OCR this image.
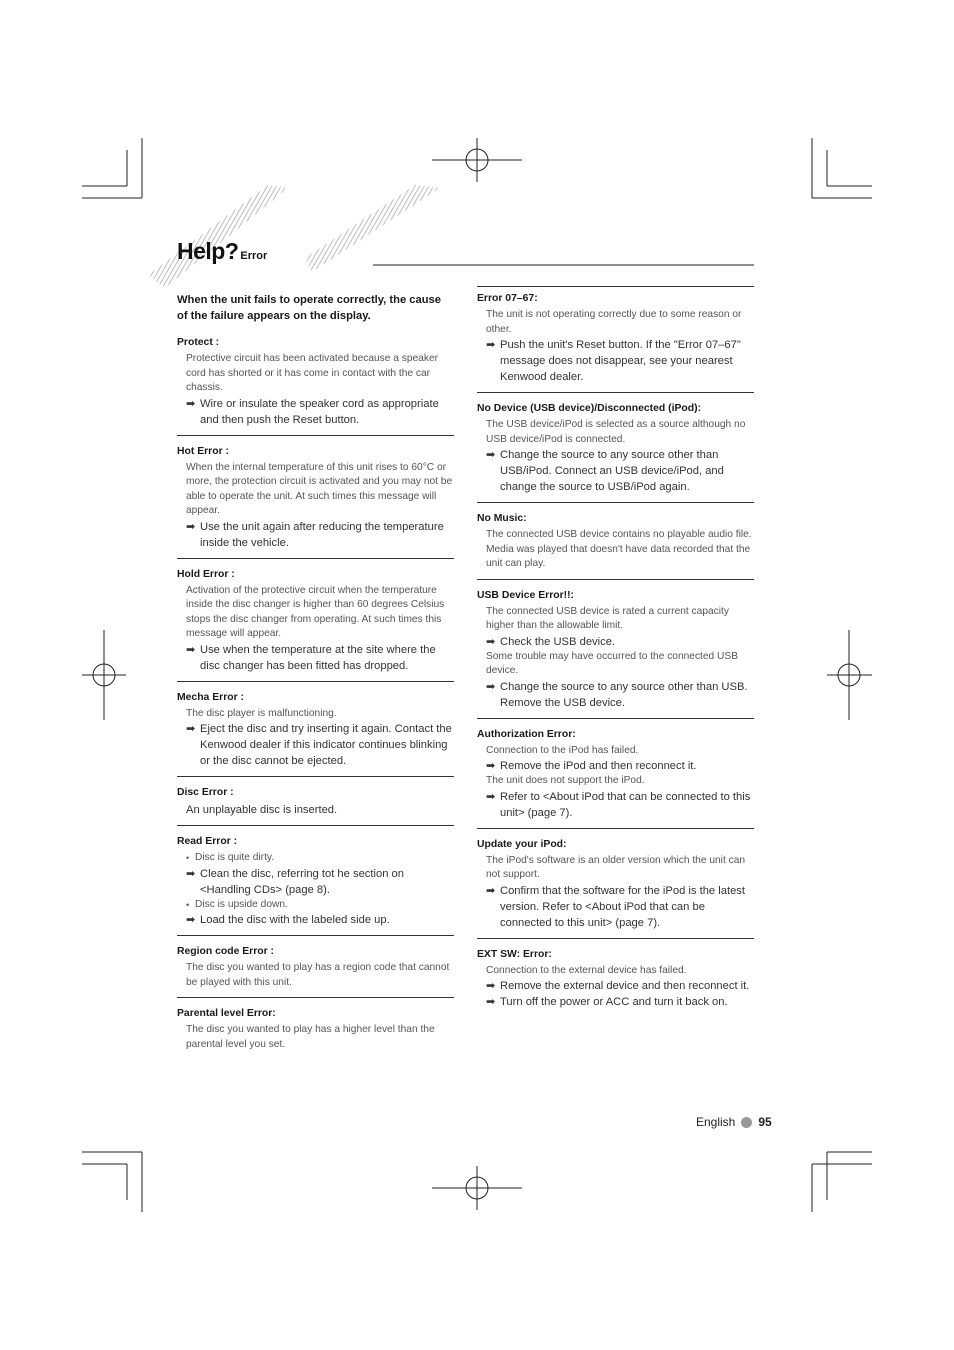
Help? Error
When the unit fails to operate correctly, the cause of the failure appears on the display.
Protect :
Protective circuit has been activated because a speaker cord has shorted or it has come in contact with the car chassis.
➡ Wire or insulate the speaker cord as appropriate and then push the Reset button.
Hot Error :
When the internal temperature of this unit rises to 60°C or more, the protection circuit is activated and you may not be able to operate the unit. At such times this message will appear.
➡ Use the unit again after reducing the temperature inside the vehicle.
Hold Error :
Activation of the protective circuit when the temperature inside the disc changer is higher than 60 degrees Celsius stops the disc changer from operating. At such times this message will appear.
➡ Use when the temperature at the site where the disc changer has been fitted has dropped.
Mecha Error :
The disc player is malfunctioning.
➡ Eject the disc and try inserting it again. Contact the Kenwood dealer if this indicator continues blinking or the disc cannot be ejected.
Disc Error :
An unplayable disc is inserted.
Read Error :
• Disc is quite dirty.
➡ Clean the disc, referring tot he section on <Handling CDs> (page 8).
• Disc is upside down.
➡ Load the disc with the labeled side up.
Region code Error :
The disc you wanted to play has a region code that cannot be played with this unit.
Parental level Error:
The disc you wanted to play has a higher level than the parental level you set.
Error 07–67:
The unit is not operating correctly due to some reason or other.
➡ Push the unit's Reset button. If the "Error 07–67" message does not disappear, see your nearest Kenwood dealer.
No Device (USB device)/Disconnected (iPod):
The USB device/iPod is selected as a source although no USB device/iPod is connected.
➡ Change the source to any source other than USB/iPod. Connect an USB device/iPod, and change the source to USB/iPod again.
No Music:
The connected USB device contains no playable audio file.
Media was played that doesn't have data recorded that the unit can play.
USB Device Error!!:
The connected USB device is rated a current capacity higher than the allowable limit.
➡ Check the USB device.
Some trouble may have occurred to the connected USB device.
➡ Change the source to any source other than USB. Remove the USB device.
Authorization Error:
Connection to the iPod has failed.
➡ Remove the iPod and then reconnect it.
The unit does not support the iPod.
➡ Refer to <About iPod that can be connected to this unit> (page 7).
Update your iPod:
The iPod's software is an older version which the unit can not support.
➡ Confirm that the software for the iPod is the latest version. Refer to <About iPod that can be connected to this unit> (page 7).
EXT SW: Error:
Connection to the external device has failed.
➡ Remove the external device and then reconnect it.
➡ Turn off the power or ACC and turn it back on.
English 95
